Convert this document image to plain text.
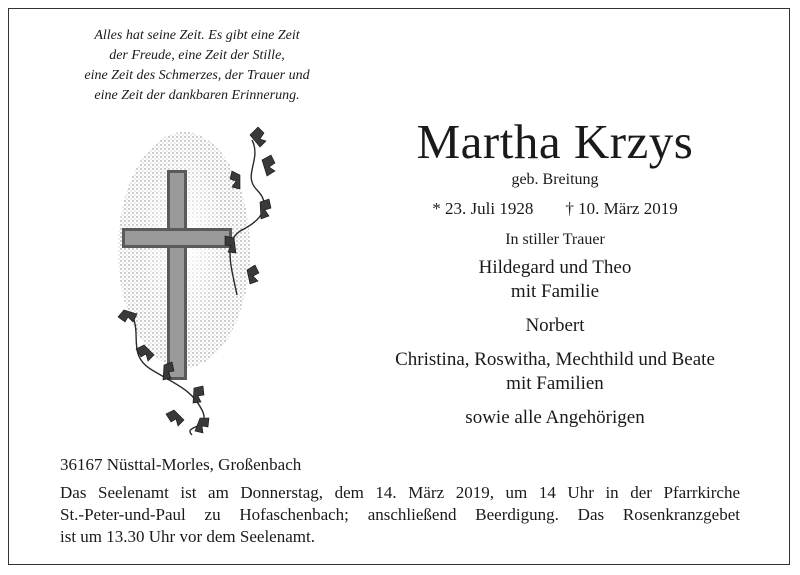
Alles hat seine Zeit. Es gibt eine Zeit
der Freude, eine Zeit der Stille,
eine Zeit des Schmerzes, der Trauer und
eine Zeit der dankbaren Erinnerung.
Martha Krzys
geb. Breitung
* 23. Juli 1928 † 10. März 2019
In stiller Trauer
Hildegard und Theo
mit Familie
Norbert
Christina, Roswitha, Mechthild und Beate
mit Familien
sowie alle Angehörigen
36167 Nüsttal-Morles, Großenbach
Das Seelenamt ist am Donnerstag, dem 14. März 2019, um 14 Uhr in der Pfarrkirche
St.-Peter-und-Paul zu Hofaschenbach; anschließend Beerdigung. Das Rosenkranzgebet
ist um 13.30 Uhr vor dem Seelenamt.
